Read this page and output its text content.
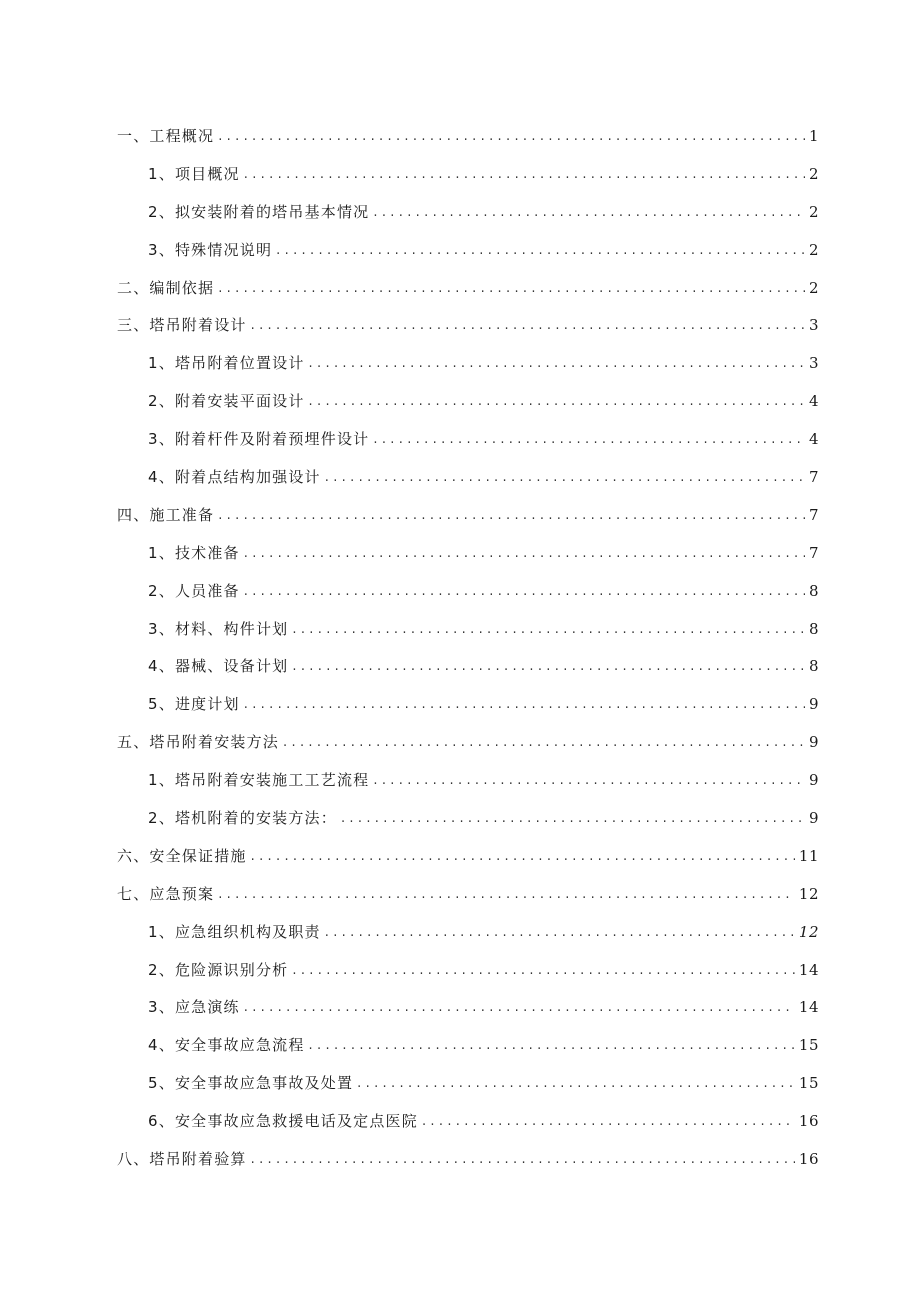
一、工程概况 . . .	1
1、项目概况 . . .	2
2、拟安装附着的塔吊基本情况 . . .	2
3、特殊情况说明 . . .	2
二、编制依据 . . .	2
三、塔吊附着设计 . . .	3
1、塔吊附着位置设计 . . .	3
2、附着安装平面设计 . . .	4
3、附着杆件及附着预埋件设计 . . .	4
4、附着点结构加强设计 . . .	7
四、施工准备 . . .	7
1、技术准备 . . .	7
2、人员准备 . . .	8
3、材料、构件计划 . . .	8
4、器械、设备计划 . . .	8
5、进度计划 . . .	9
五、塔吊附着安装方法 . . .	9
1、塔吊附着安装施工工艺流程 . . .	9
2、塔机附着的安装方法： . . .	9
六、安全保证措施 . . .	11
七、应急预案 . . .	12
1、应急组织机构及职责 . . .	12
2、危险源识别分析 . . .	14
3、应急演练 . . .	14
4、安全事故应急流程 . . .	15
5、安全事故应急事故及处置 . . .	15
6、安全事故应急救援电话及定点医院 . . .	16
八、塔吊附着验算 . . .	16
